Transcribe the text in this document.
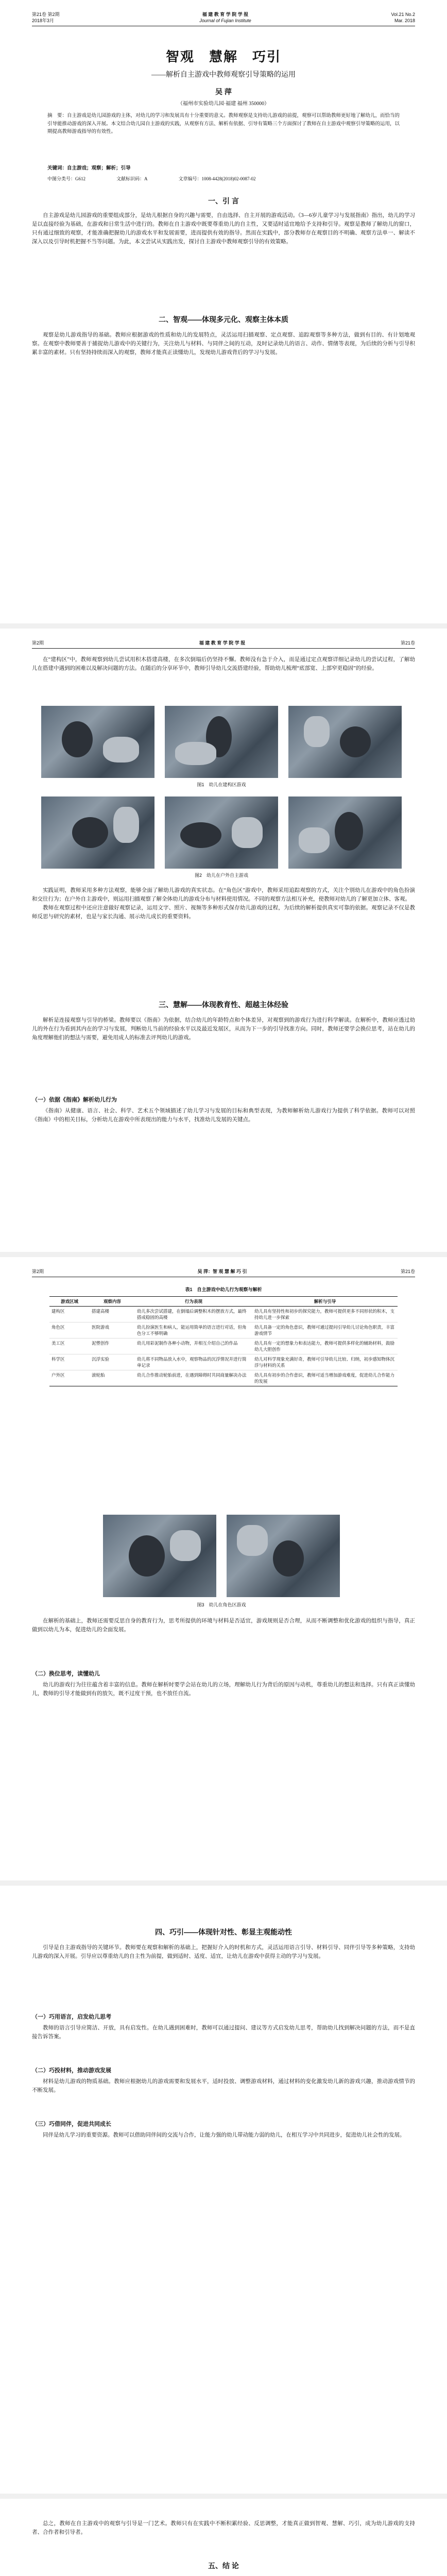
第21卷 第2期
2018年3月
福 建 教 育 学 院 学 报
Journal of Fujian Institute
Vol.21 No.2
Mar. 2018
智观　慧解　巧引
——解析自主游戏中教师观察引导策略的运用
吴 萍
（福州市实验幼儿园·福建 福州 350000）
摘　要：自主游戏是幼儿园游戏的主体，对幼儿的学习和发展具有十分重要的意义。教师观察是支持幼儿游戏的前提，观察可以帮助教师更好地了解幼儿，而恰当的引导能推动游戏的深入开展。本文结合幼儿园自主游戏的实践，从观察有方法、解析有依据、引导有策略三个方面探讨了教师在自主游戏中观察引导策略的运用，以期提高教师游戏指导的有效性。
关键词：自主游戏；观察；解析；引导
中图分类号：G612	文献标识码：A	文章编号：1008-4428(2018)02-0087-02
一、引 言

自主游戏是幼儿园游戏的重要组成部分，是幼儿根据自身的兴趣与需要，自由选择、自主开展的游戏活动。《3—6岁儿童学习与发展指南》指出，幼儿的学习是以直接经验为基础，在游戏和日常生活中进行的。教师在自主游戏中既要尊重幼儿的自主性，又要适时适宜地给予支持和引导。观察是教师了解幼儿的窗口，只有通过细致的观察，才能准确把握幼儿的游戏水平和发展需要，进而提供有效的指导。然而在实践中，部分教师存在观察目的不明确、观察方法单一、解读不深入以及引导时机把握不当等问题。为此，本文尝试从实践出发，探讨自主游戏中教师观察引导的有效策略。

二、智观——体现多元化、观察主体本质

观察是幼儿游戏指导的基础。教师应根据游戏的性质和幼儿的发展特点，灵活运用扫描观察、定点观察、追踪观察等多种方法，做到有目的、有计划地观察。在观察中教师要善于捕捉幼儿游戏中的关键行为，关注幼儿与材料、与同伴之间的互动，及时记录幼儿的语言、动作、情绪等表现，为后续的分析与引导积累丰富的素材。只有坚持持续而深入的观察，教师才能真正读懂幼儿，发现幼儿游戏背后的学习与发展。

第2期	福 建 教 育 学 院 学 报	第21卷

在“建构区”中，教师观察到幼儿尝试用积木搭建高楼，在多次倒塌后仍坚持不懈。教师没有急于介入，而是通过定点观察详细记录幼儿的尝试过程，了解幼儿在搭建中遇到的困难以及解决问题的方法。在随后的分享环节中，教师引导幼儿交流搭建经验，帮助幼儿梳理“底部宽、上部窄更稳固”的经验。

图1　幼儿在建构区游戏
图2　幼儿在户外自主游戏

实践证明，教师采用多种方法观察，能够全面了解幼儿游戏的真实状态。在“角色区”游戏中，教师采用追踪观察的方式，关注个别幼儿在游戏中的角色扮演和交往行为；在户外自主游戏中，则运用扫描观察了解全体幼儿的游戏分布与材料使用情况。不同的观察方法相互补充，使教师对幼儿的了解更加立体、客观。

教师在观察过程中还应注意做好观察记录，运用文字、照片、视频等多种形式保存幼儿游戏的过程，为后续的解析提供真实可靠的依据。观察记录不仅是教师反思与研究的素材，也是与家长沟通、展示幼儿成长的重要资料。

三、慧解——体现教育性、超越主体经验

解析是连接观察与引导的桥梁。教师要以《指南》为依据，结合幼儿的年龄特点和个体差异，对观察到的游戏行为进行科学解读。在解析中，教师应透过幼儿的外在行为看到其内在的学习与发展，判断幼儿当前的经验水平以及最近发展区，从而为下一步的引导找准方向。同时，教师还要学会换位思考，站在幼儿的角度理解他们的想法与需要，避免用成人的标准去评判幼儿的游戏。

（一）依据《指南》解析幼儿行为

《指南》从健康、语言、社会、科学、艺术五个领域描述了幼儿学习与发展的目标和典型表现，为教师解析幼儿游戏行为提供了科学依据。教师可以对照《指南》中的相关目标，分析幼儿在游戏中所表现出的能力与水平，找准幼儿发展的关键点。

第2期	吴 萍：智 观 慧 解 巧 引	第21卷
表1　自主游戏中幼儿行为观察与解析
游戏区域	观察内容	行为表现	解析与引导
建构区	搭建高楼	幼儿多次尝试搭建，在倒塌后调整积木的摆放方式，最终搭成稳固的高楼	幼儿具有坚持性和初步的探究能力，教师可提供更多不同形状的积木，支持幼儿进一步探索
角色区	医院游戏	幼儿扮演医生和病人，能运用简单的语言进行对话，但角色分工不够明确	幼儿具备一定的角色意识，教师可通过提问引导幼儿讨论角色职责，丰富游戏情节
美工区	泥塑创作	幼儿用彩泥制作各种小动物，并相互介绍自己的作品	幼儿具有一定的想象力和表达能力，教师可提供多样化的辅助材料，鼓励幼儿大胆创作
科学区	沉浮实验	幼儿将不同物品放入水中，观察物品的沉浮情况并进行简单记录	幼儿对科学现象充满好奇，教师可引导幼儿比较、归纳，初步感知物体沉浮与材料的关系
户外区	滚轮胎	幼儿合作推动轮胎前进，在遇到障碍时共同商量解决办法	幼儿具有初步的合作意识，教师可适当增加游戏难度，促进幼儿合作能力的发展
图3　幼儿在角色区游戏

在解析的基础上，教师还需要反思自身的教育行为，思考所提供的环境与材料是否适宜，游戏规则是否合理，从而不断调整和优化游戏的组织与指导，真正做到以幼儿为本，促进幼儿的全面发展。

（二）换位思考，读懂幼儿

幼儿的游戏行为往往蕴含着丰富的信息。教师在解析时要学会站在幼儿的立场，理解幼儿行为背后的原因与动机，尊重幼儿的想法和选择。只有真正读懂幼儿，教师的引导才能做到有的放矢，既不过度干预，也不放任自流。

四、巧引——体现针对性、彰显主观能动性

引导是自主游戏指导的关键环节。教师要在观察和解析的基础上，把握好介入的时机和方式，灵活运用语言引导、材料引导、同伴引导等多种策略，支持幼儿游戏的深入开展。引导应以尊重幼儿的自主性为前提，做到适时、适度、适宜，让幼儿在游戏中获得主动的学习与发展。

（一）巧用语言，启发幼儿思考

教师的语言引导应简洁、开放，具有启发性。在幼儿遇到困难时，教师可以通过提问、建议等方式启发幼儿思考，帮助幼儿找到解决问题的方法，而不是直接告诉答案。

（二）巧投材料，推动游戏发展

材料是幼儿游戏的物质基础。教师应根据幼儿的游戏需要和发展水平，适时投放、调整游戏材料，通过材料的变化激发幼儿新的游戏兴趣，推动游戏情节的不断发展。

（三）巧借同伴，促进共同成长

同伴是幼儿学习的重要资源。教师可以借助同伴间的交流与合作，让能力强的幼儿带动能力弱的幼儿，在相互学习中共同进步，促进幼儿社会性的发展。

总之，教师在自主游戏中的观察与引导是一门艺术。教师只有在实践中不断积累经验、反思调整，才能真正做到智观、慧解、巧引，成为幼儿游戏的支持者、合作者和引导者。

五、结 论
